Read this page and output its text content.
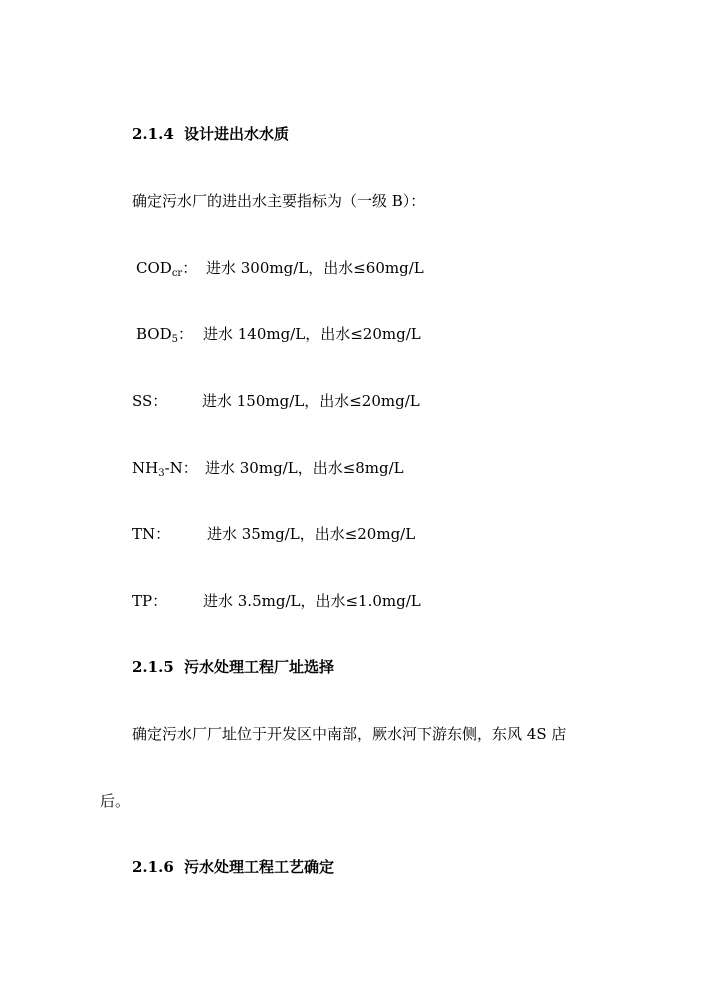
2.1.4 设计进出水水质
确定污水厂的进出水主要指标为（一级 B）：
$COD_{cr}$： 进水 300mg/L，出水≤60mg/L
$BOD_5$： 进水 140mg/L，出水≤20mg/L
SS： 进水 150mg/L，出水≤20mg/L
$NH_3-N$： 进水 30mg/L，出水≤8mg/L
TN： 进水 35mg/L，出水≤20mg/L
TP： 进水 3.5mg/L，出水≤1.0mg/L
2.1.5 污水处理工程厂址选择
确定污水厂厂址位于开发区中南部，厥水河下游东侧，东风 4S 店
后。
2.1.6 污水处理工程工艺确定
